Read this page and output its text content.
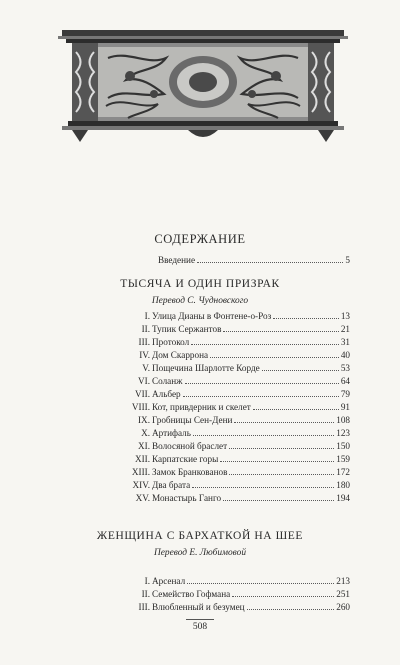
СОДЕРЖАНИЕ
Введение	5
ТЫСЯЧА И ОДИН ПРИЗРАК
Перевод С. Чудновского
I. Улица Дианы в Фонтене-о-Роз	13
II. Тупик Сержантов	21
III. Протокол	31
IV. Дом Скаррона	40
V. Пощечина Шарлотте Корде	53
VI. Соланж	64
VII. Альбер	79
VIII. Кот, привдерник и скелет	91
IX. Гробницы Сен-Дени	108
X. Артифаль	123
XI. Волосяной браслет	150
XII. Карпатские горы	159
XIII. Замок Бранкованов	172
XIV. Два брата	180
XV. Монастырь Ганго	194
ЖЕНЩИНА С БАРХАТКОЙ НА ШЕЕ
Перевод Е. Любимовой
I. Арсенал	213
II. Семейство Гофмана	251
III. Влюбленный и безумец	260
508
